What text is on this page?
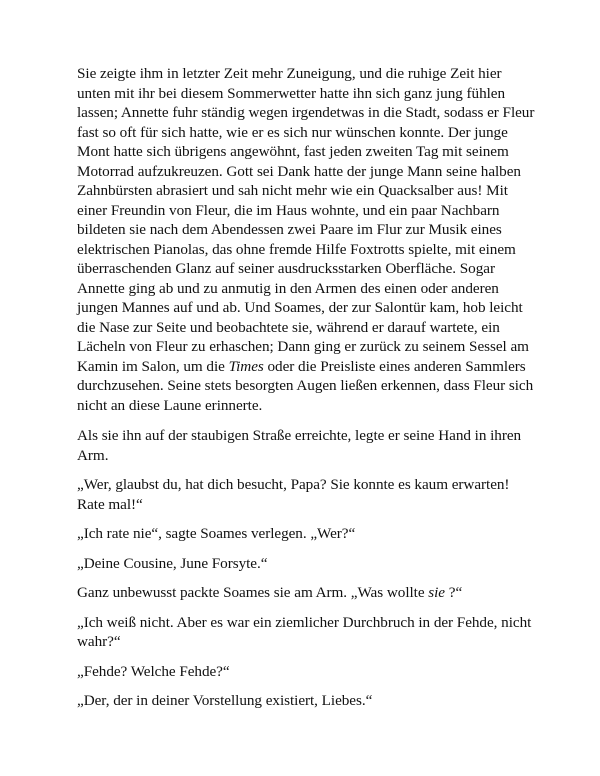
Sie zeigte ihm in letzter Zeit mehr Zuneigung, und die ruhige Zeit hier
unten mit ihr bei diesem Sommerwetter hatte ihn sich ganz jung fühlen
lassen; Annette fuhr ständig wegen irgendetwas in die Stadt, sodass er Fleur
fast so oft für sich hatte, wie er es sich nur wünschen konnte. Der junge
Mont hatte sich übrigens angewöhnt, fast jeden zweiten Tag mit seinem
Motorrad aufzukreuzen. Gott sei Dank hatte der junge Mann seine halben
Zahnbürsten abrasiert und sah nicht mehr wie ein Quacksalber aus! Mit
einer Freundin von Fleur, die im Haus wohnte, und ein paar Nachbarn
bildeten sie nach dem Abendessen zwei Paare im Flur zur Musik eines
elektrischen Pianolas, das ohne fremde Hilfe Foxtrotts spielte, mit einem
überraschenden Glanz auf seiner ausdrucksstarken Oberfläche. Sogar
Annette ging ab und zu anmutig in den Armen des einen oder anderen
jungen Mannes auf und ab. Und Soames, der zur Salontür kam, hob leicht
die Nase zur Seite und beobachtete sie, während er darauf wartete, ein
Lächeln von Fleur zu erhaschen; Dann ging er zurück zu seinem Sessel am
Kamin im Salon, um die Times oder die Preisliste eines anderen Sammlers
durchzusehen. Seine stets besorgten Augen ließen erkennen, dass Fleur sich
nicht an diese Laune erinnerte.

Als sie ihn auf der staubigen Straße erreichte, legte er seine Hand in ihren
Arm.

„Wer, glaubst du, hat dich besucht, Papa? Sie konnte es kaum erwarten!
Rate mal!“

„Ich rate nie“, sagte Soames verlegen. „Wer?“

„Deine Cousine, June Forsyte.“

Ganz unbewusst packte Soames sie am Arm. „Was wollte sie ?“

„Ich weiß nicht. Aber es war ein ziemlicher Durchbruch in der Fehde, nicht
wahr?“

„Fehde? Welche Fehde?“

„Der, der in deiner Vorstellung existiert, Liebes.“
